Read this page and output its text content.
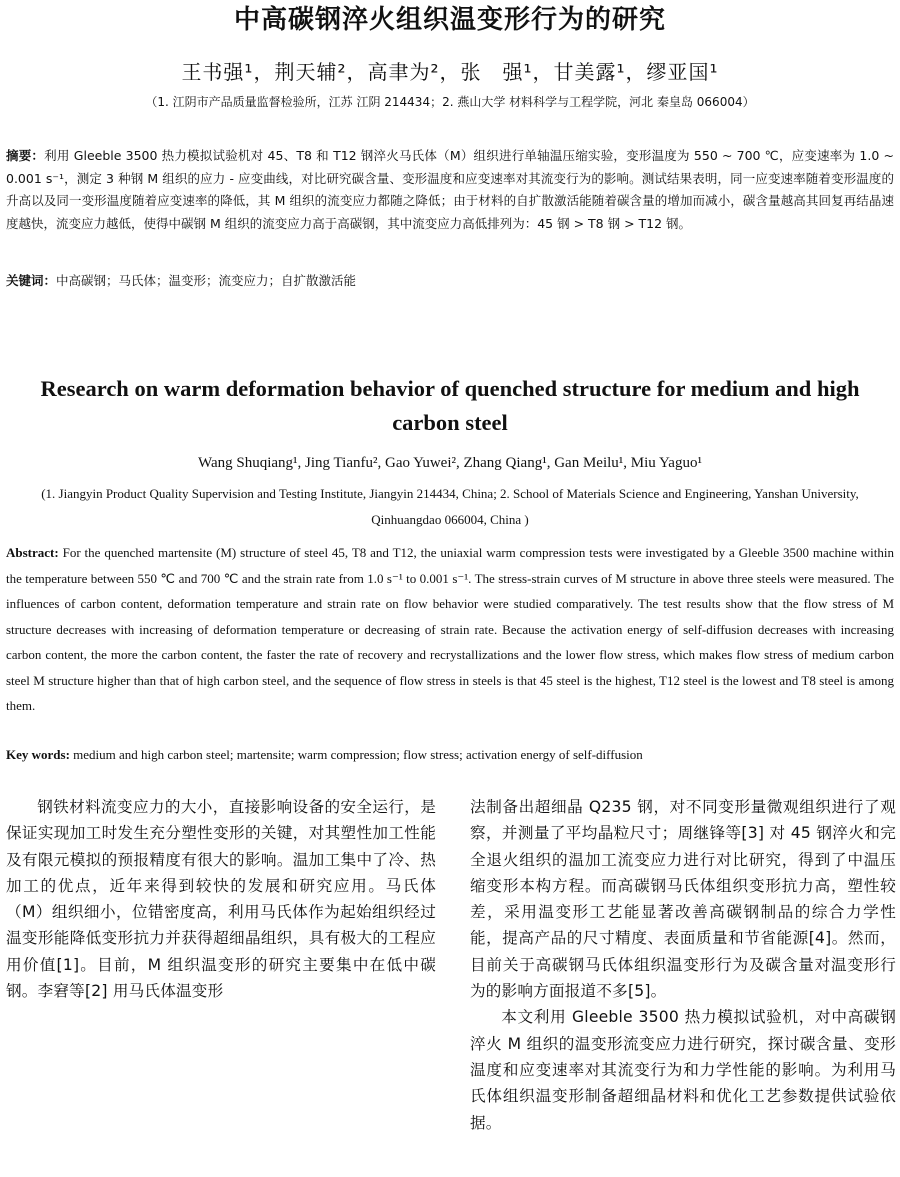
中高碳钢淬火组织温变形行为的研究
王书强¹，荆天辅²，高聿为²，张　强¹，甘美露¹，缪亚国¹
（1. 江阴市产品质量监督检验所，江苏 江阴 214434；2. 燕山大学 材料科学与工程学院，河北 秦皇岛 066004）
摘要：利用 Gleeble 3500 热力模拟试验机对 45、T8 和 T12 钢淬火马氏体（M）组织进行单轴温压缩实验，变形温度为 550 ~ 700 ℃，应变速率为 1.0 ~ 0.001 s⁻¹，测定 3 种钢 M 组织的应力 - 应变曲线，对比研究碳含量、变形温度和应变速率对其流变行为的影响。测试结果表明，同一应变速率随着变形温度的升高以及同一变形温度随着应变速率的降低，其 M 组织的流变应力都随之降低；由于材料的自扩散激活能随着碳含量的增加而减小，碳含量越高其回复再结晶速度越快，流变应力越低，使得中碳钢 M 组织的流变应力高于高碳钢，其中流变应力高低排列为：45 钢 > T8 钢 > T12 钢。
关键词：中高碳钢；马氏体；温变形；流变应力；自扩散激活能
Research on warm deformation behavior of quenched structure for medium and high carbon steel
Wang Shuqiang¹, Jing Tianfu², Gao Yuwei², Zhang Qiang¹, Gan Meilu¹, Miu Yaguo¹
(1. Jiangyin Product Quality Supervision and Testing Institute, Jiangyin 214434, China; 2. School of Materials Science and Engineering, Yanshan University, Qinhuangdao 066004, China )
Abstract: For the quenched martensite (M) structure of steel 45, T8 and T12, the uniaxial warm compression tests were investigated by a Gleeble 3500 machine within the temperature between 550 ℃ and 700 ℃ and the strain rate from 1.0 s⁻¹ to 0.001 s⁻¹. The stress-strain curves of M structure in above three steels were measured. The influences of carbon content, deformation temperature and strain rate on flow behavior were studied comparatively. The test results show that the flow stress of M structure decreases with increasing of deformation temperature or decreasing of strain rate. Because the activation energy of self-diffusion decreases with increasing carbon content, the more the carbon content, the faster the rate of recovery and recrystallizations and the lower flow stress, which makes flow stress of medium carbon steel M structure higher than that of high carbon steel, and the sequence of flow stress in steels is that 45 steel is the highest, T12 steel is the lowest and T8 steel is among them.
Key words: medium and high carbon steel; martensite; warm compression; flow stress; activation energy of self-diffusion

钢铁材料流变应力的大小，直接影响设备的安全运行，是保证实现加工时发生充分塑性变形的关键，对其塑性加工性能及有限元模拟的预报精度有很大的影响。温加工集中了冷、热加工的优点，近年来得到较快的发展和研究应用。马氏体（M）组织细小，位错密度高，利用马氏体作为起始组织经过温变形能降低变形抗力并获得超细晶组织，具有极大的工程应用价值[1]。目前，M 组织温变形的研究主要集中在低中碳钢。李窘等[2] 用马氏体温变形

法制备出超细晶 Q235 钢，对不同变形量微观组织进行了观察，并测量了平均晶粒尺寸；周继锋等[3] 对 45 钢淬火和完全退火组织的温加工流变应力进行对比研究，得到了中温压缩变形本构方程。而高碳钢马氏体组织变形抗力高，塑性较差，采用温变形工艺能显著改善高碳钢制品的综合力学性能，提高产品的尺寸精度、表面质量和节省能源[4]。然而，目前关于高碳钢马氏体组织温变形行为及碳含量对温变形行为的影响方面报道不多[5]。

本文利用 Gleeble 3500 热力模拟试验机，对中高碳钢淬火 M 组织的温变形流变应力进行研究，探讨碳含量、变形温度和应变速率对其流变行为和力学性能的影响。为利用马氏体组织温变形制备超细晶材料和优化工艺参数提供试验依据。
